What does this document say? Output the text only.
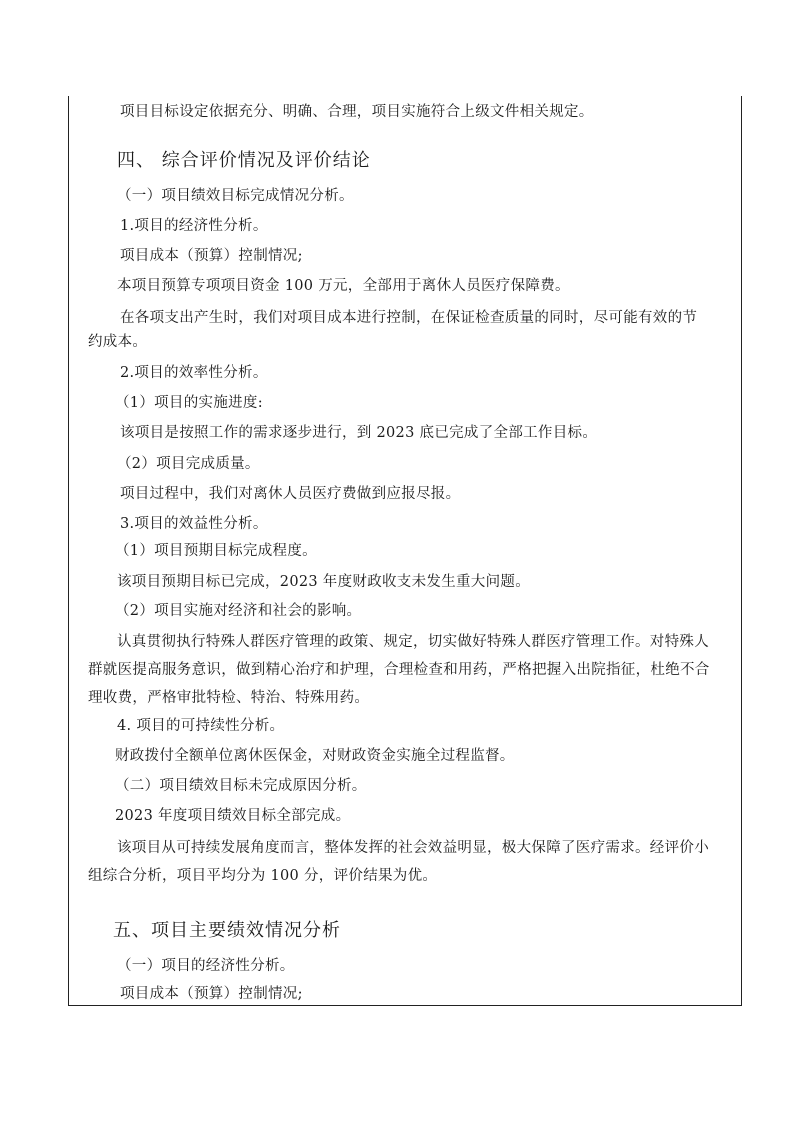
项目目标设定依据充分、明确、合理，项目实施符合上级文件相关规定。
四、 综合评价情况及评价结论
（一）项目绩效目标完成情况分析。
1.项目的经济性分析。
项目成本（预算）控制情况;
本项目预算专项项目资金 100 万元，全部用于离休人员医疗保障费。
在各项支出产生时，我们对项目成本进行控制，在保证检查质量的同时，尽可能有效的节
约成本。
2.项目的效率性分析。
（1）项目的实施进度:
该项目是按照工作的需求逐步进行，到 2023 底已完成了全部工作目标。
（2）项目完成质量。
项目过程中，我们对离休人员医疗费做到应报尽报。
3.项目的效益性分析。
（1）项目预期目标完成程度。
该项目预期目标已完成，2023 年度财政收支未发生重大问题。
（2）项目实施对经济和社会的影响。
认真贯彻执行特殊人群医疗管理的政策、规定，切实做好特殊人群医疗管理工作。对特殊人
群就医提高服务意识，做到精心治疗和护理，合理检查和用药，严格把握入出院指征，杜绝不合
理收费，严格审批特检、特治、特殊用药。
4. 项目的可持续性分析。
财政拨付全额单位离休医保金，对财政资金实施全过程监督。
（二）项目绩效目标未完成原因分析。
2023 年度项目绩效目标全部完成。
该项目从可持续发展角度而言，整体发挥的社会效益明显，极大保障了医疗需求。经评价小
组综合分析，项目平均分为 100 分，评价结果为优。
五、项目主要绩效情况分析
（一）项目的经济性分析。
项目成本（预算）控制情况;
